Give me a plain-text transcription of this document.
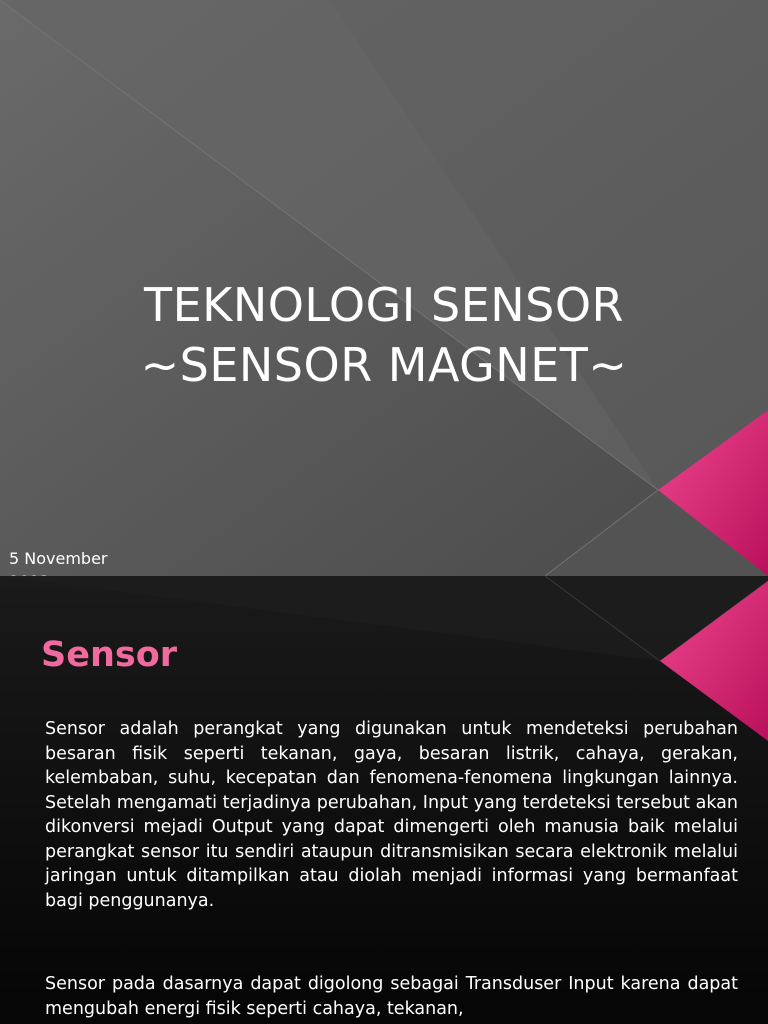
TEKNOLOGI SENSOR
~SENSOR MAGNET~
5 November
Sensor

Sensor adalah perangkat yang digunakan untuk mendeteksi perubahan besaran fisik seperti tekanan, gaya, besaran listrik, cahaya, gerakan, kelembaban, suhu, kecepatan dan fenomena-fenomena lingkungan lainnya. Setelah mengamati terjadinya perubahan, Input yang terdeteksi tersebut akan dikonversi mejadi Output yang dapat dimengerti oleh manusia baik melalui perangkat sensor itu sendiri ataupun ditransmisikan secara elektronik melalui jaringan untuk ditampilkan atau diolah menjadi informasi yang bermanfaat bagi penggunanya.

Sensor pada dasarnya dapat digolong sebagai Transduser Input karena dapat mengubah energi fisik seperti cahaya, tekanan,
